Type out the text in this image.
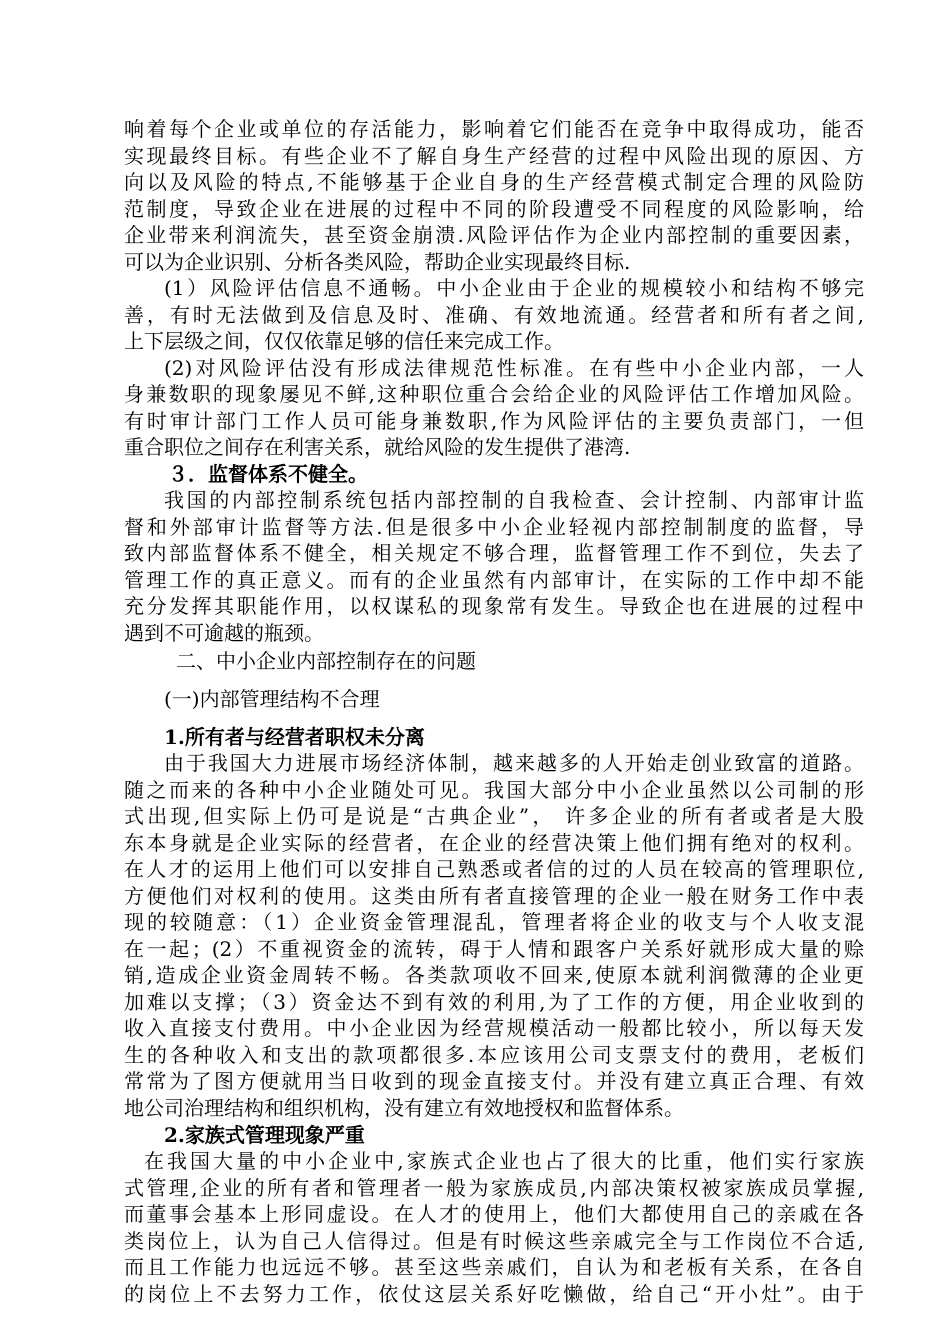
响着每个企业或单位的存活能力，影响着它们能否在竞争中取得成功，能否
实现最终目标。有些企业不了解自身生产经营的过程中风险出现的原因、方
向以及风险的特点,不能够基于企业自身的生产经营模式制定合理的风险防
范制度，导致企业在进展的过程中不同的阶段遭受不同程度的风险影响，给
企业带来利润流失，甚至资金崩溃.风险评估作为企业内部控制的重要因素，
可以为企业识别、分析各类风险，帮助企业实现最终目标.
(1）风险评估信息不通畅。中小企业由于企业的规模较小和结构不够完
善，有时无法做到及信息及时、准确、有效地流通。经营者和所有者之间,
上下层级之间，仅仅依靠足够的信任来完成工作。
(2)对风险评估没有形成法律规范性标准。在有些中小企业内部，一人
身兼数职的现象屡见不鲜,这种职位重合会给企业的风险评估工作增加风险。
有时审计部门工作人员可能身兼数职,作为风险评估的主要负责部门，一但
重合职位之间存在利害关系，就给风险的发生提供了港湾.
３．监督体系不健全。
我国的内部控制系统包括内部控制的自我检查、会计控制、内部审计监
督和外部审计监督等方法.但是很多中小企业轻视内部控制制度的监督，导
致内部监督体系不健全，相关规定不够合理，监督管理工作不到位，失去了
管理工作的真正意义。而有的企业虽然有内部审计，在实际的工作中却不能
充分发挥其职能作用，以权谋私的现象常有发生。导致企也在进展的过程中
遇到不可逾越的瓶颈。
二、中小企业内部控制存在的问题
(一)内部管理结构不合理
1.所有者与经营者职权未分离
由于我国大力进展市场经济体制，越来越多的人开始走创业致富的道路。
随之而来的各种中小企业随处可见。我国大部分中小企业虽然以公司制的形
式出现,但实际上仍可是说是“古典企业”， 许多企业的所有者或者是大股
东本身就是企业实际的经营者，在企业的经营决策上他们拥有绝对的权利。
在人才的运用上他们可以安排自己熟悉或者信的过的人员在较高的管理职位,
方便他们对权利的使用。这类由所有者直接管理的企业一般在财务工作中表
现的较随意：（1）企业资金管理混乱，管理者将企业的收支与个人收支混
在一起；(2）不重视资金的流转，碍于人情和跟客户关系好就形成大量的赊
销,造成企业资金周转不畅。各类款项收不回来,使原本就利润微薄的企业更
加难以支撑；（3）资金达不到有效的利用,为了工作的方便，用企业收到的
收入直接支付费用。中小企业因为经营规模活动一般都比较小，所以每天发
生的各种收入和支出的款项都很多.本应该用公司支票支付的费用，老板们
常常为了图方便就用当日收到的现金直接支付。并没有建立真正合理、有效
地公司治理结构和组织机构，没有建立有效地授权和监督体系。
2.家族式管理现象严重
在我国大量的中小企业中,家族式企业也占了很大的比重，他们实行家族
式管理,企业的所有者和管理者一般为家族成员,内部决策权被家族成员掌握,
而董事会基本上形同虚设。在人才的使用上，他们大都使用自己的亲戚在各
类岗位上，认为自己人信得过。但是有时候这些亲戚完全与工作岗位不合适,
而且工作能力也远远不够。甚至这些亲戚们，自认为和老板有关系，在各自
的岗位上不去努力工作，依仗这层关系好吃懒做，给自己“开小灶”。由于
